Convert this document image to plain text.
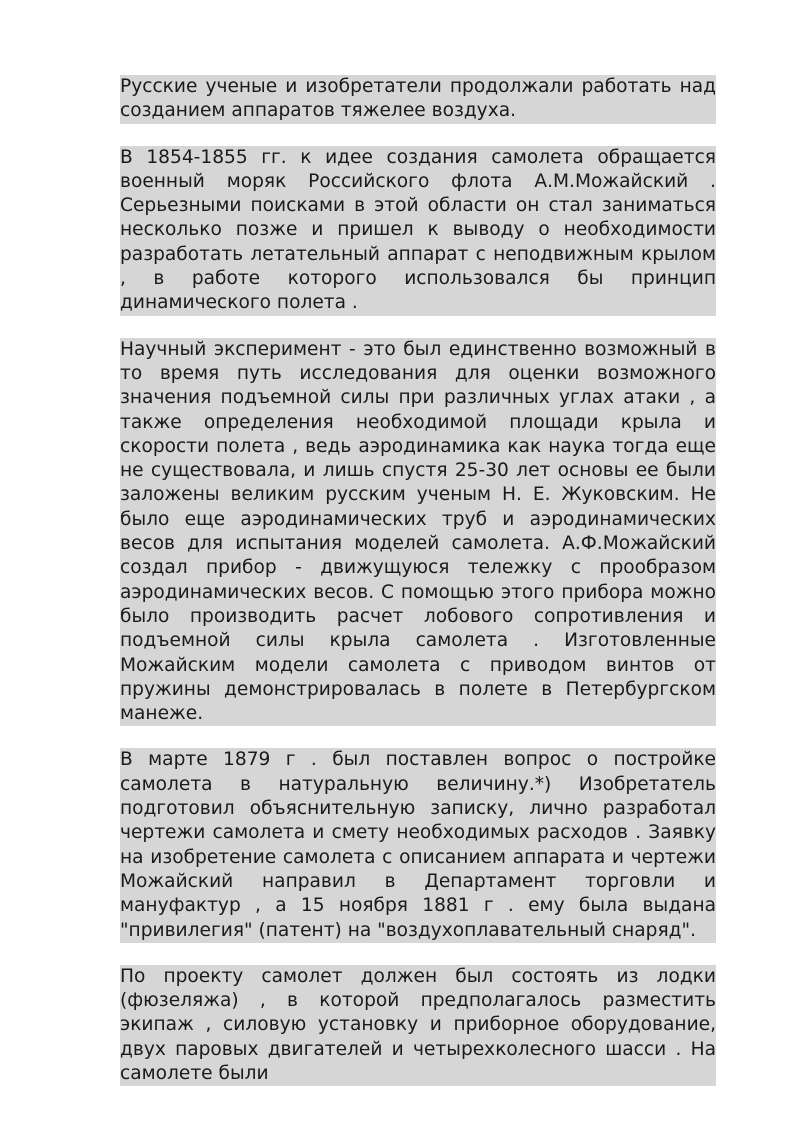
Русские ученые и изобретатели продолжали работать над созданием аппаратов тяжелее воздуха.

В 1854-1855 гг. к идее создания самолета обращается военный моряк Российского флота А.М.Можайский . Серьезными поисками в этой области он стал заниматься несколько позже и пришел к выводу о необходимости разработать летательный аппарат с неподвижным крылом , в работе которого использовался бы принцип динамического полета .

Научный эксперимент - это был единственно возможный в то время путь исследования для оценки возможного значения подъемной силы при различных углах атаки , а также определения необходимой площади крыла и скорости полета , ведь аэродинамика как наука тогда еще не существовала, и лишь спустя 25-30 лет основы ее были заложены великим русским ученым Н. Е. Жуковским. Не было еще аэродинамических труб и аэродинамических весов для испытания моделей самолета. А.Ф.Можайский создал прибор - движущуюся тележку с прообразом аэродинамических весов. С помощью этого прибора можно было производить расчет лобового сопротивления и подъемной силы крыла самолета . Изготовленные Можайским модели самолета с приводом винтов от пружины демонстрировалась в полете в Петербургском манеже.

В марте 1879 г . был поставлен вопрос о постройке самолета в натуральную величину.*) Изобретатель подготовил объяснительную записку, лично разработал чертежи самолета и смету необходимых расходов . Заявку на изобретение самолета с описанием аппарата и чертежи Можайский направил в Департамент торговли и мануфактур , а 15 ноября 1881 г . ему была выдана "привилегия" (патент) на "воздухоплавательный снаряд".

По проекту самолет должен был состоять из лодки (фюзеляжа) , в которой предполагалось разместить экипаж , силовую установку и приборное оборудование, двух паровых двигателей и четырехколесного шасси . На самолете были
